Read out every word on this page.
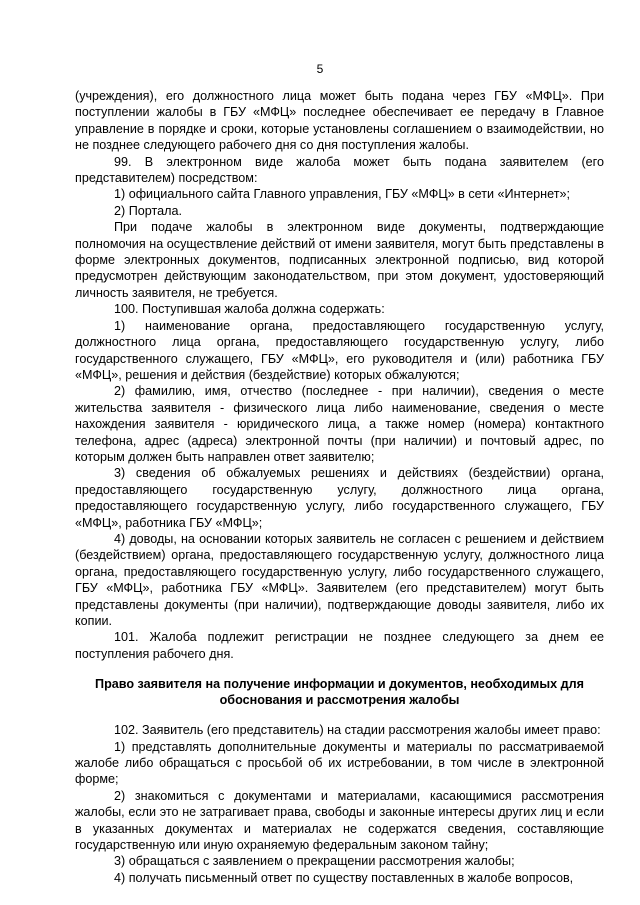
5

(учреждения), его должностного лица может быть подана через ГБУ «МФЦ». При поступлении жалобы в ГБУ «МФЦ» последнее обеспечивает ее передачу в Главное управление в порядке и сроки, которые установлены соглашением о взаимодействии, но не позднее следующего рабочего дня со дня поступления жалобы.

99. В электронном виде жалоба может быть подана заявителем (его представителем) посредством:

1) официального сайта Главного управления, ГБУ «МФЦ» в сети «Интернет»;

2) Портала.

При подаче жалобы в электронном виде документы, подтверждающие полномочия на осуществление действий от имени заявителя, могут быть представлены в форме электронных документов, подписанных электронной подписью, вид которой предусмотрен действующим законодательством, при этом документ, удостоверяющий личность заявителя, не требуется.

100. Поступившая жалоба должна содержать:

1) наименование органа, предоставляющего государственную услугу, должностного лица органа, предоставляющего государственную услугу, либо государственного служащего, ГБУ «МФЦ», его руководителя и (или) работника ГБУ «МФЦ», решения и действия (бездействие) которых обжалуются;

2) фамилию, имя, отчество (последнее - при наличии), сведения о месте жительства заявителя - физического лица либо наименование, сведения о месте нахождения заявителя - юридического лица, а также номер (номера) контактного телефона, адрес (адреса) электронной почты (при наличии) и почтовый адрес, по которым должен быть направлен ответ заявителю;

3) сведения об обжалуемых решениях и действиях (бездействии) органа, предоставляющего государственную услугу, должностного лица органа, предоставляющего государственную услугу, либо государственного служащего, ГБУ «МФЦ», работника ГБУ «МФЦ»;

4) доводы, на основании которых заявитель не согласен с решением и действием (бездействием) органа, предоставляющего государственную услугу, должностного лица органа, предоставляющего государственную услугу, либо государственного служащего, ГБУ «МФЦ», работника ГБУ «МФЦ». Заявителем (его представителем) могут быть представлены документы (при наличии), подтверждающие доводы заявителя, либо их копии.

101. Жалоба подлежит регистрации не позднее следующего за днем ее поступления рабочего дня.

Право заявителя на получение информации и документов, необходимых для
обоснования и рассмотрения жалобы

102. Заявитель (его представитель) на стадии рассмотрения жалобы имеет право:

1) представлять дополнительные документы и материалы по рассматриваемой жалобе либо обращаться с просьбой об их истребовании, в том числе в электронной форме;

2) знакомиться с документами и материалами, касающимися рассмотрения жалобы, если это не затрагивает права, свободы и законные интересы других лиц и если в указанных документах и материалах не содержатся сведения, составляющие государственную или иную охраняемую федеральным законом тайну;

3) обращаться с заявлением о прекращении рассмотрения жалобы;

4) получать письменный ответ по существу поставленных в жалобе вопросов,
